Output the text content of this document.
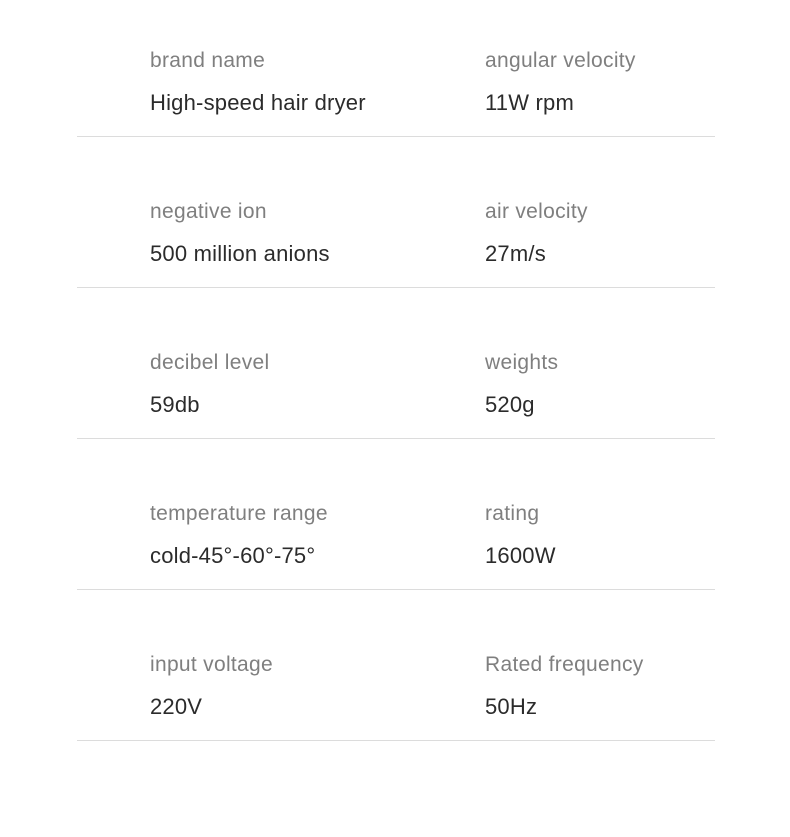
brand name
High-speed hair dryer
angular velocity
11W rpm
negative ion
500 million anions
air velocity
27m/s
decibel level
59db
weights
520g
temperature range
cold-45°-60°-75°
rating
1600W
input voltage
220V
Rated frequency
50Hz
